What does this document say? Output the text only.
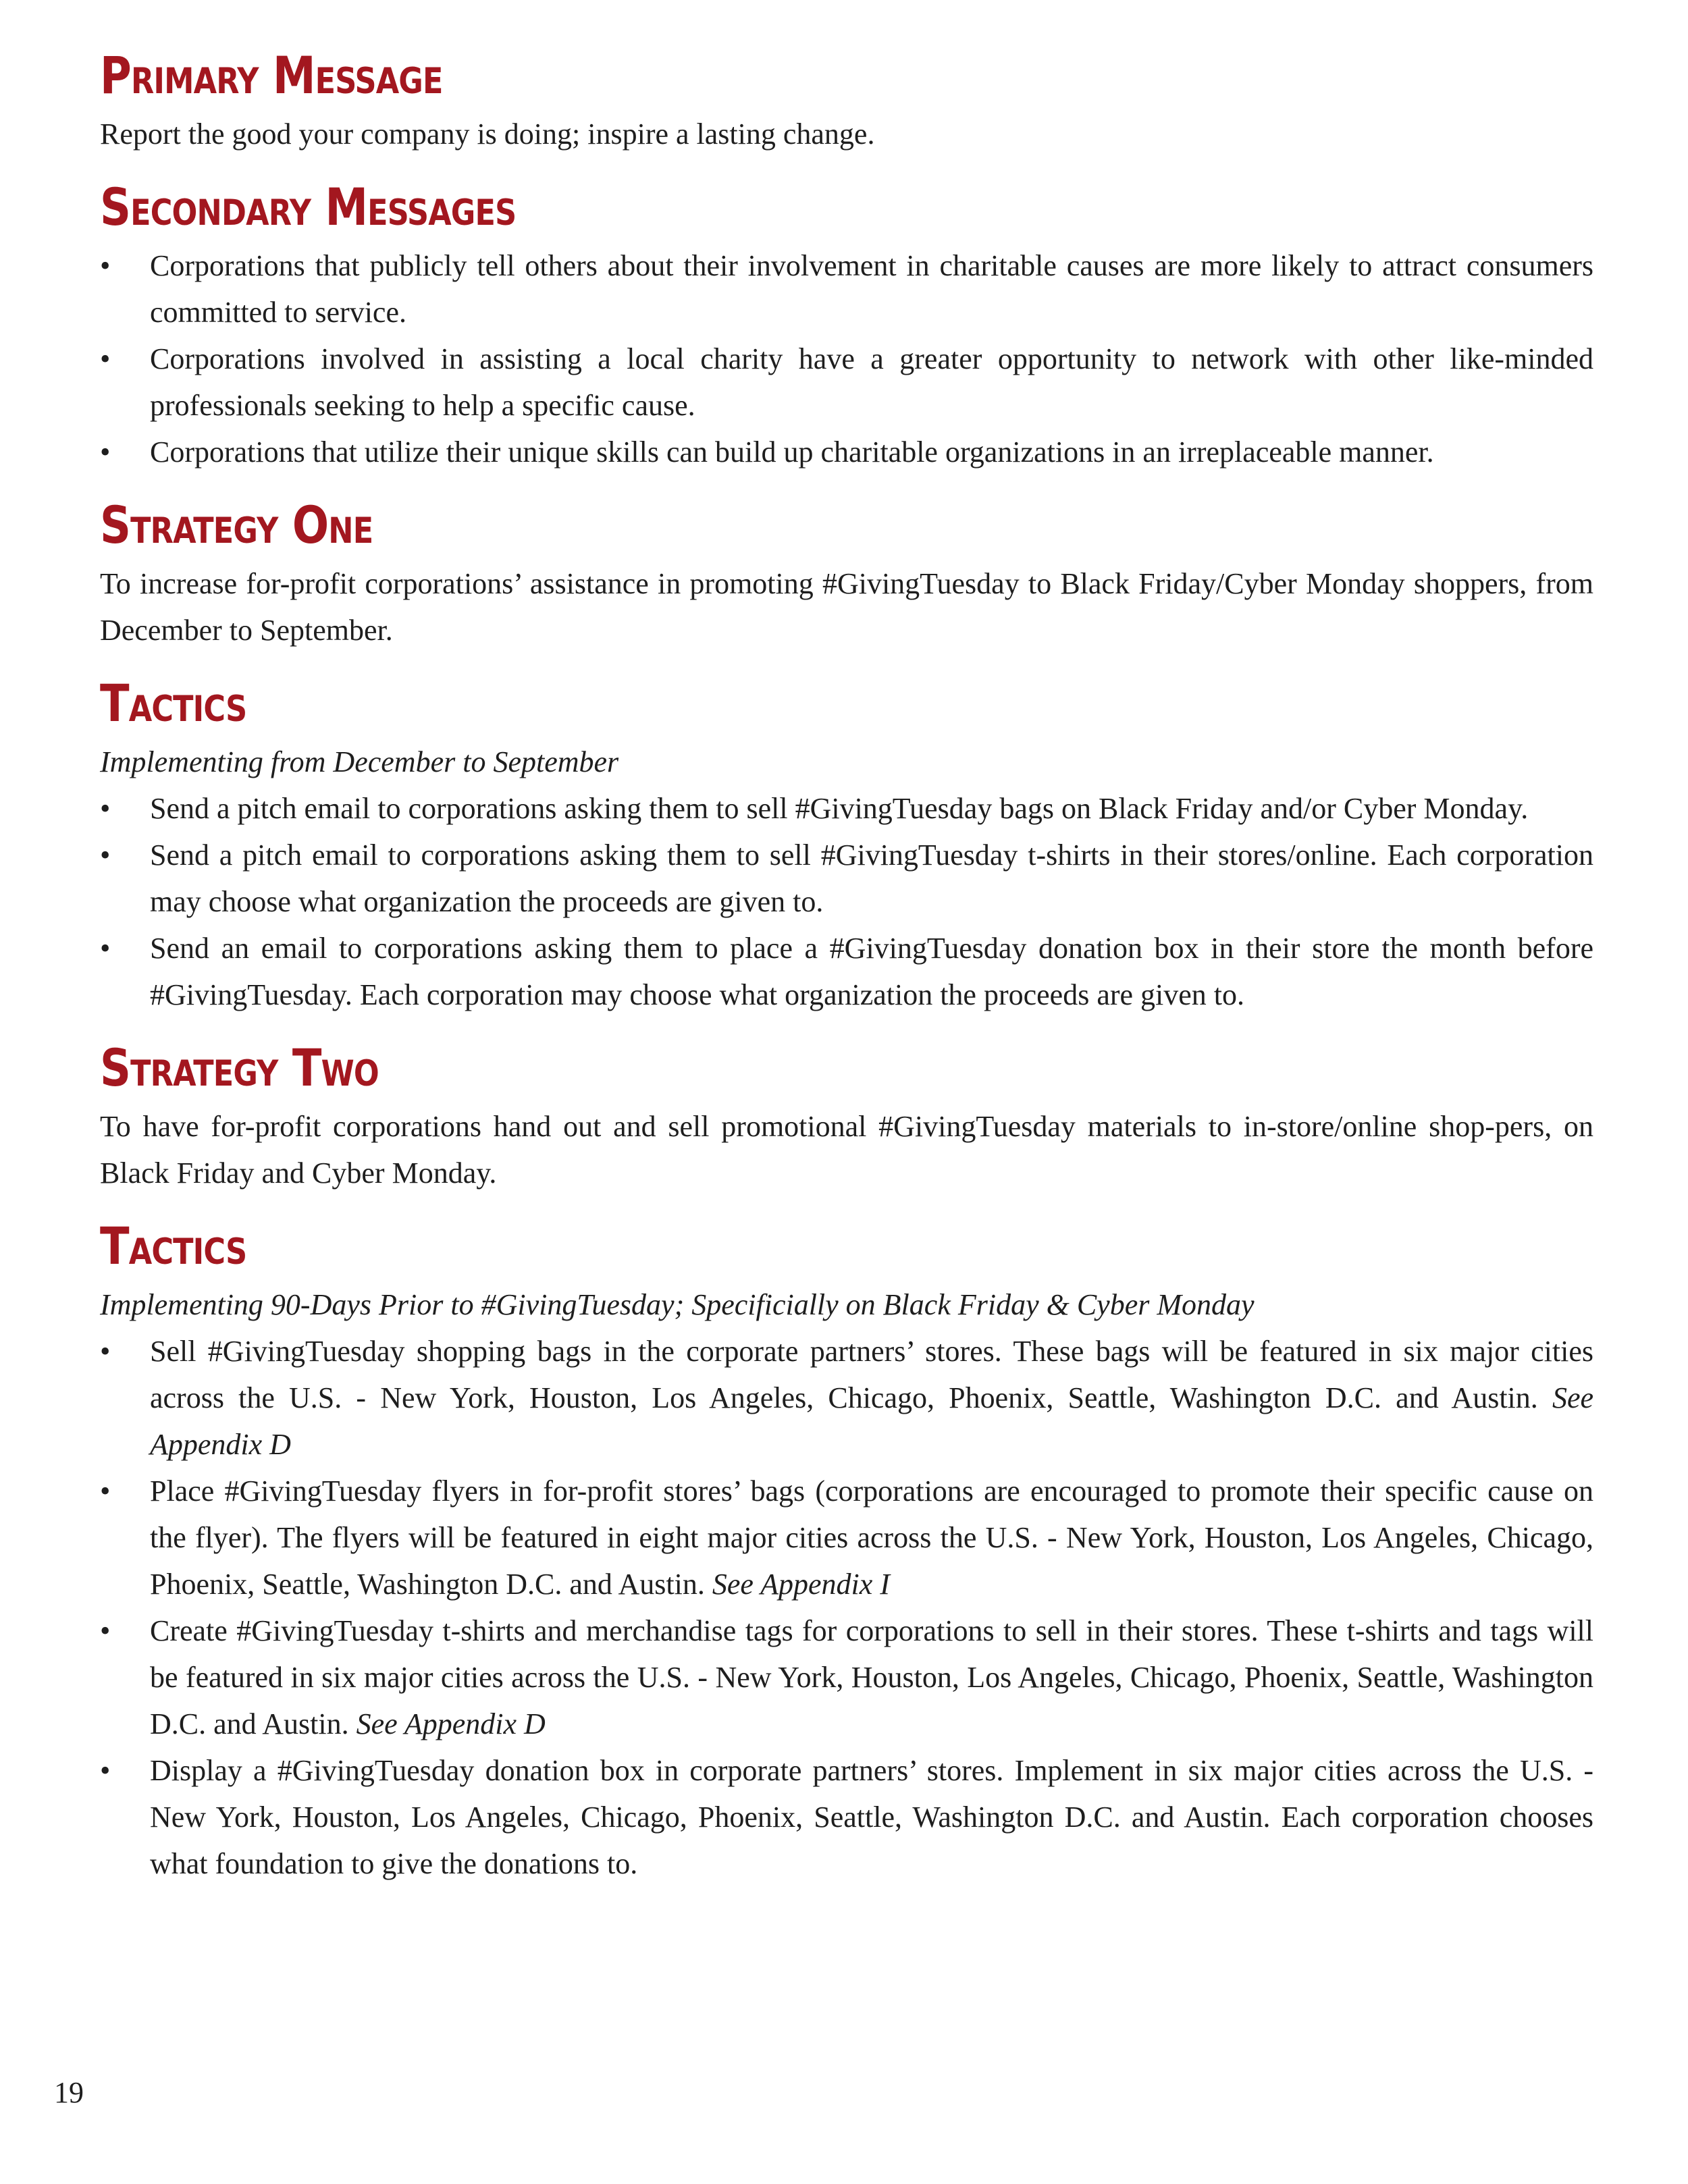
Primary Message

Report the good your company is doing; inspire a lasting change.

Secondary Messages
• Corporations that publicly tell others about their involvement in charitable causes are more likely to attract consumers committed to service.
• Corporations involved in assisting a local charity have a greater opportunity to network with other like-minded professionals seeking to help a specific cause.
• Corporations that utilize their unique skills can build up charitable organizations in an irreplaceable manner.
Strategy One

To increase for-profit corporations’ assistance in promoting #GivingTuesday to Black Friday/Cyber Monday shoppers, from December to September.

Tactics

Implementing from December to September

• Send a pitch email to corporations asking them to sell #GivingTuesday bags on Black Friday and/or Cyber Monday.
• Send a pitch email to corporations asking them to sell #GivingTuesday t-shirts in their stores/online. Each corporation may choose what organization the proceeds are given to.
• Send an email to corporations asking them to place a #GivingTuesday donation box in their store the month before #GivingTuesday. Each corporation may choose what organization the proceeds are given to.
Strategy Two

To have for-profit corporations hand out and sell promotional #GivingTuesday materials to in-store/online shop-pers, on Black Friday and Cyber Monday.

Tactics

Implementing 90-Days Prior to #GivingTuesday; Specificially on Black Friday & Cyber Monday

• Sell #GivingTuesday shopping bags in the corporate partners’ stores. These bags will be featured in six major cities across the U.S. - New York, Houston, Los Angeles, Chicago, Phoenix, Seattle, Washington D.C. and Austin. See Appendix D
• Place #GivingTuesday flyers in for-profit stores’ bags (corporations are encouraged to promote their specific cause on the flyer). The flyers will be featured in eight major cities across the U.S. - New York, Houston, Los Angeles, Chicago, Phoenix, Seattle, Washington D.C. and Austin. See Appendix I
• Create #GivingTuesday t-shirts and merchandise tags for corporations to sell in their stores. These t-shirts and tags will be featured in six major cities across the U.S. - New York, Houston, Los Angeles, Chicago, Phoenix, Seattle, Washington D.C. and Austin. See Appendix D
• Display a #GivingTuesday donation box in corporate partners’ stores. Implement in six major cities across the U.S. - New York, Houston, Los Angeles, Chicago, Phoenix, Seattle, Washington D.C. and Austin. Each corporation chooses what foundation to give the donations to.
19
